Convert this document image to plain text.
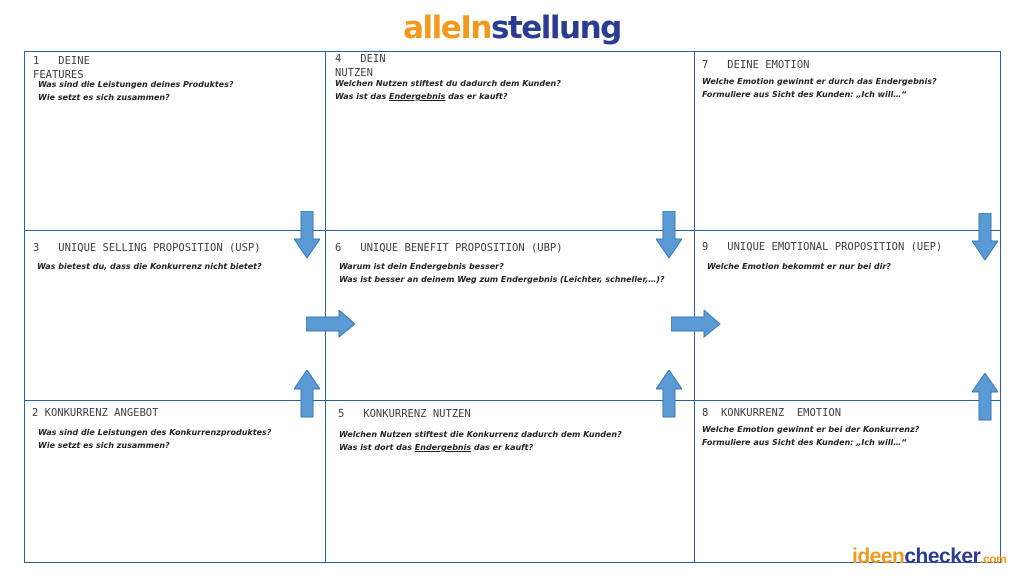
alleInstellung
1   DEINE
FEATURES
Was sind die Leistungen deines Produktes?
Wie setzt es sich zusammen?
4   DEIN
NUTZEN
Welchen Nutzen stiftest du dadurch dem Kunden?
Was ist das Endergebnis das er kauft?
7   DEINE EMOTION
Welche Emotion gewinnt er durch das Endergebnis?
Formuliere aus Sicht des Kunden: „Ich will…“
3   UNIQUE SELLING PROPOSITION (USP)
Was bietest du, dass die Konkurrenz nicht bietet?
6   UNIQUE BENEFIT PROPOSITION (UBP)
Warum ist dein Endergebnis besser?
Was ist besser an deinem Weg zum Endergebnis (Leichter, schneller,…)?
9   UNIQUE EMOTIONAL PROPOSITION (UEP)
Welche Emotion bekommt er nur bei dir?
2 KONKURRENZ ANGEBOT
Was sind die Leistungen des Konkurrenzproduktes?
Wie setzt es sich zusammen?
5   KONKURRENZ NUTZEN
Welchen Nutzen stiftest die Konkurrenz dadurch dem Kunden?
Was ist dort das Endergebnis das er kauft?
8  KONKURRENZ  EMOTION
Welche Emotion gewinnt er bei der Konkurrenz?
Formuliere aus Sicht des Kunden: „Ich will…“
ideenchecker.com
